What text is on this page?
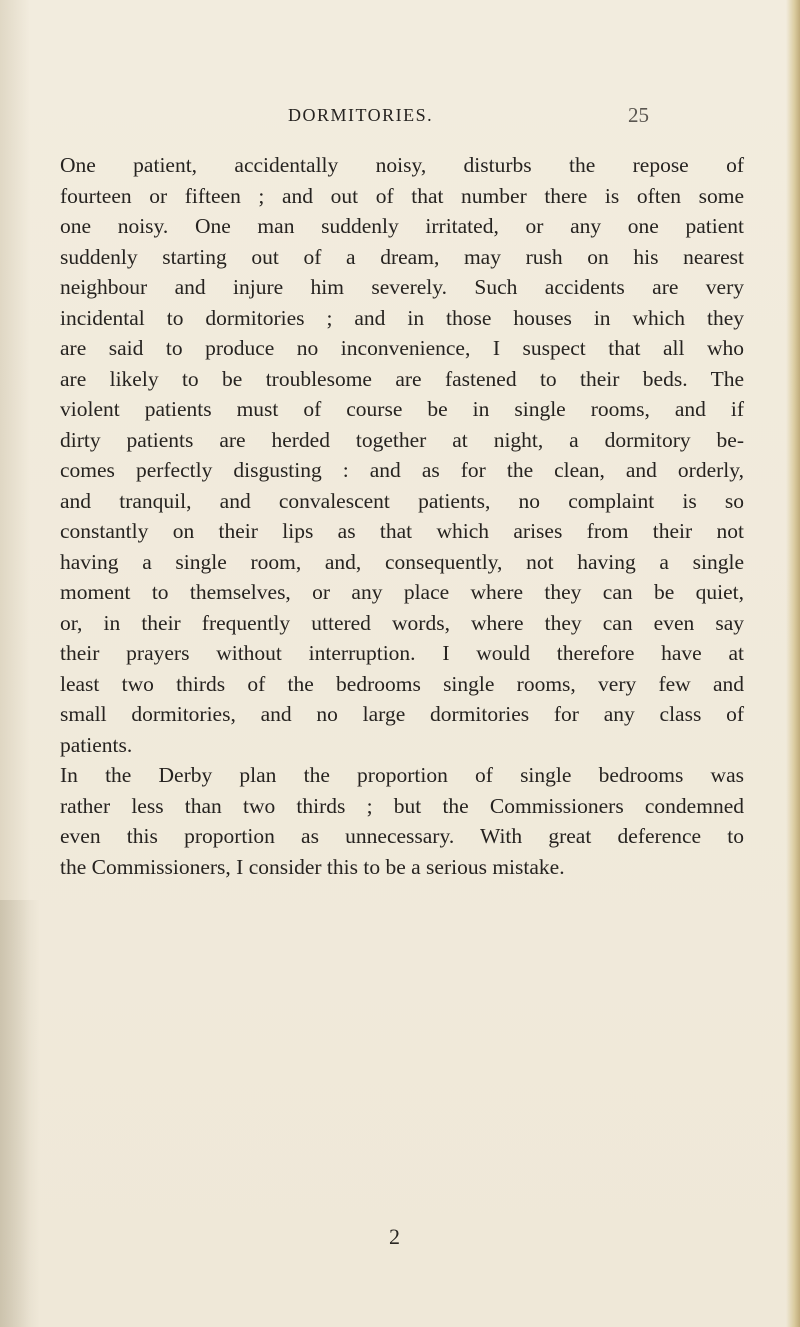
DORMITORIES.	25
One patient, accidentally noisy, disturbs the repose of
fourteen or fifteen ; and out of that number there is often some
one noisy. One man suddenly irritated, or any one patient
suddenly starting out of a dream, may rush on his nearest
neighbour and injure him severely. Such accidents are very
incidental to dormitories ; and in those houses in which they
are said to produce no inconvenience, I suspect that all who
are likely to be troublesome are fastened to their beds. The
violent patients must of course be in single rooms, and if
dirty patients are herded together at night, a dormitory be-
comes perfectly disgusting : and as for the clean, and orderly,
and tranquil, and convalescent patients, no complaint is so
constantly on their lips as that which arises from their not
having a single room, and, consequently, not having a single
moment to themselves, or any place where they can be quiet,
or, in their frequently uttered words, where they can even say
their prayers without interruption. I would therefore have at
least two thirds of the bedrooms single rooms, very few and
small dormitories, and no large dormitories for any class of
patients.
In the Derby plan the proportion of single bedrooms was
rather less than two thirds ; but the Commissioners condemned
even this proportion as unnecessary. With great deference to
the Commissioners, I consider this to be a serious mistake.
2
